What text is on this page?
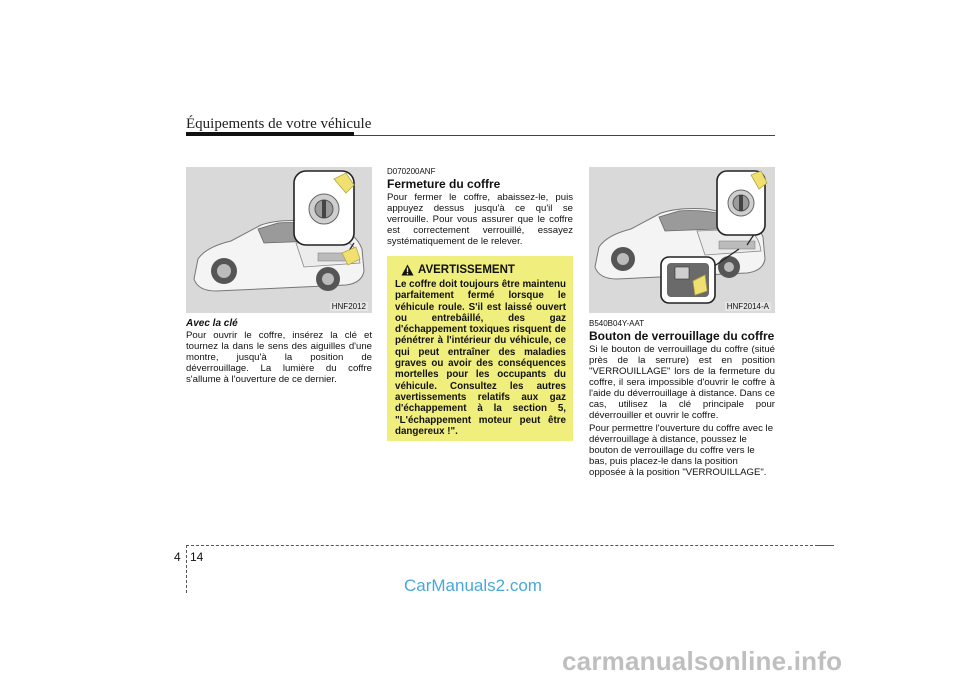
Équipements de votre véhicule
HNF2012
Avec la clé

Pour ouvrir le coffre, insérez la clé et tournez la dans le sens des aiguilles d'une montre, jusqu'à la position de déverrouillage. La lumière du coffre s'allume à l'ouverture de ce dernier.

D070200ANF
Fermeture du coffre

Pour fermer le coffre, abaissez-le, puis appuyez dessus jusqu'à ce qu'il se verrouille. Pour vous assurer que le coffre est correctement verrouillé, essayez systématiquement de le relever.

AVERTISSEMENT
Le coffre doit toujours être maintenu parfaitement fermé lorsque le véhicule roule. S'il est laissé ouvert ou entrebâillé, des gaz d'échappement toxiques risquent de pénétrer à l'intérieur du véhicule, ce qui peut entraîner des maladies graves ou avoir des conséquences mortelles pour les occupants du véhicule. Consultez les autres avertissements relatifs aux gaz d'échappement à la section 5, "L'échappement moteur peut être dangereux !".
HNF2014-A
B540B04Y-AAT
Bouton de verrouillage du coffre

Si le bouton de verrouillage du coffre (situé près de la serrure) est en position "VERROUILLAGE" lors de la fermeture du coffre, il sera impossible d'ouvrir le coffre à l'aide du déverrouillage à distance. Dans ce cas, utilisez la clé principale pour déverrouiller et ouvrir le coffre.

Pour permettre l'ouverture du coffre avec le déverrouillage à distance, poussez le bouton de verrouillage du coffre vers le bas, puis placez-le dans la position opposée à la position "VERROUILLAGE".

4 14
CarManuals2.com
carmanualsonline.info
